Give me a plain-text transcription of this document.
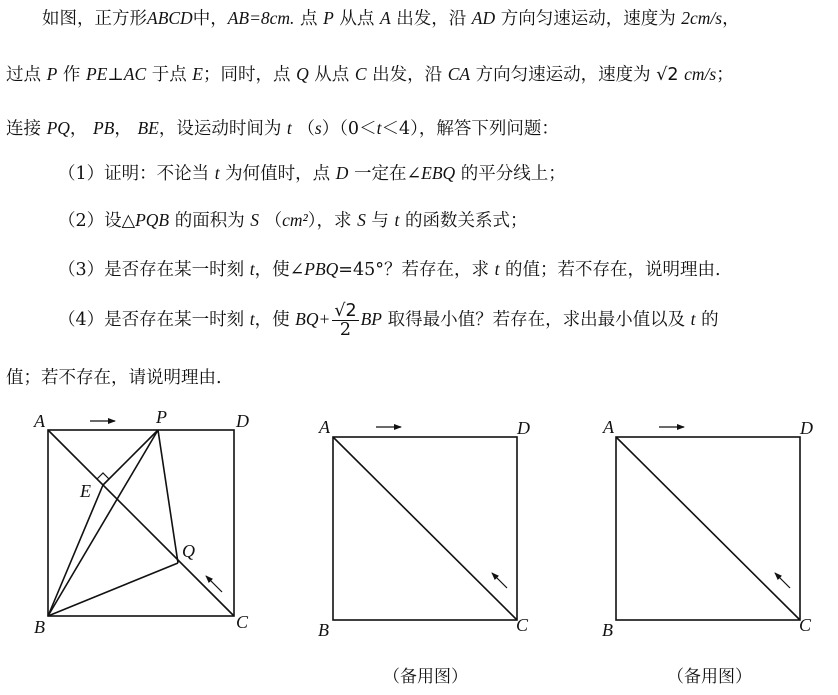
如图，正方形ABCD中，AB=8cm. 点 P 从点 A 出发，沿 AD 方向匀速运动，速度为 2cm/s，
过点 P 作 PE⊥AC 于点 E；同时，点 Q 从点 C 出发，沿 CA 方向匀速运动，速度为 √2 cm/s；
连接 PQ， PB， BE，设运动时间为 t （s）（0＜t＜4），解答下列问题：
（1）证明：不论当 t 为何值时，点 D 一定在∠EBQ 的平分线上；
（2）设△PQB 的面积为 S （cm²），求 S 与 t 的函数关系式；
（3）是否存在某一时刻 t，使∠PBQ=45°？若存在，求 t 的值；若不存在，说明理由.
（4）是否存在某一时刻 t，使 $BQ+ \frac{√2}{2}$ BP 取得最小值？若存在，求出最小值以及 t 的
值；若不存在，请说明理由.
A	P	D
E
Q
B	C
A	D
B	C
A	D
B	C
（备用图）	（备用图）
